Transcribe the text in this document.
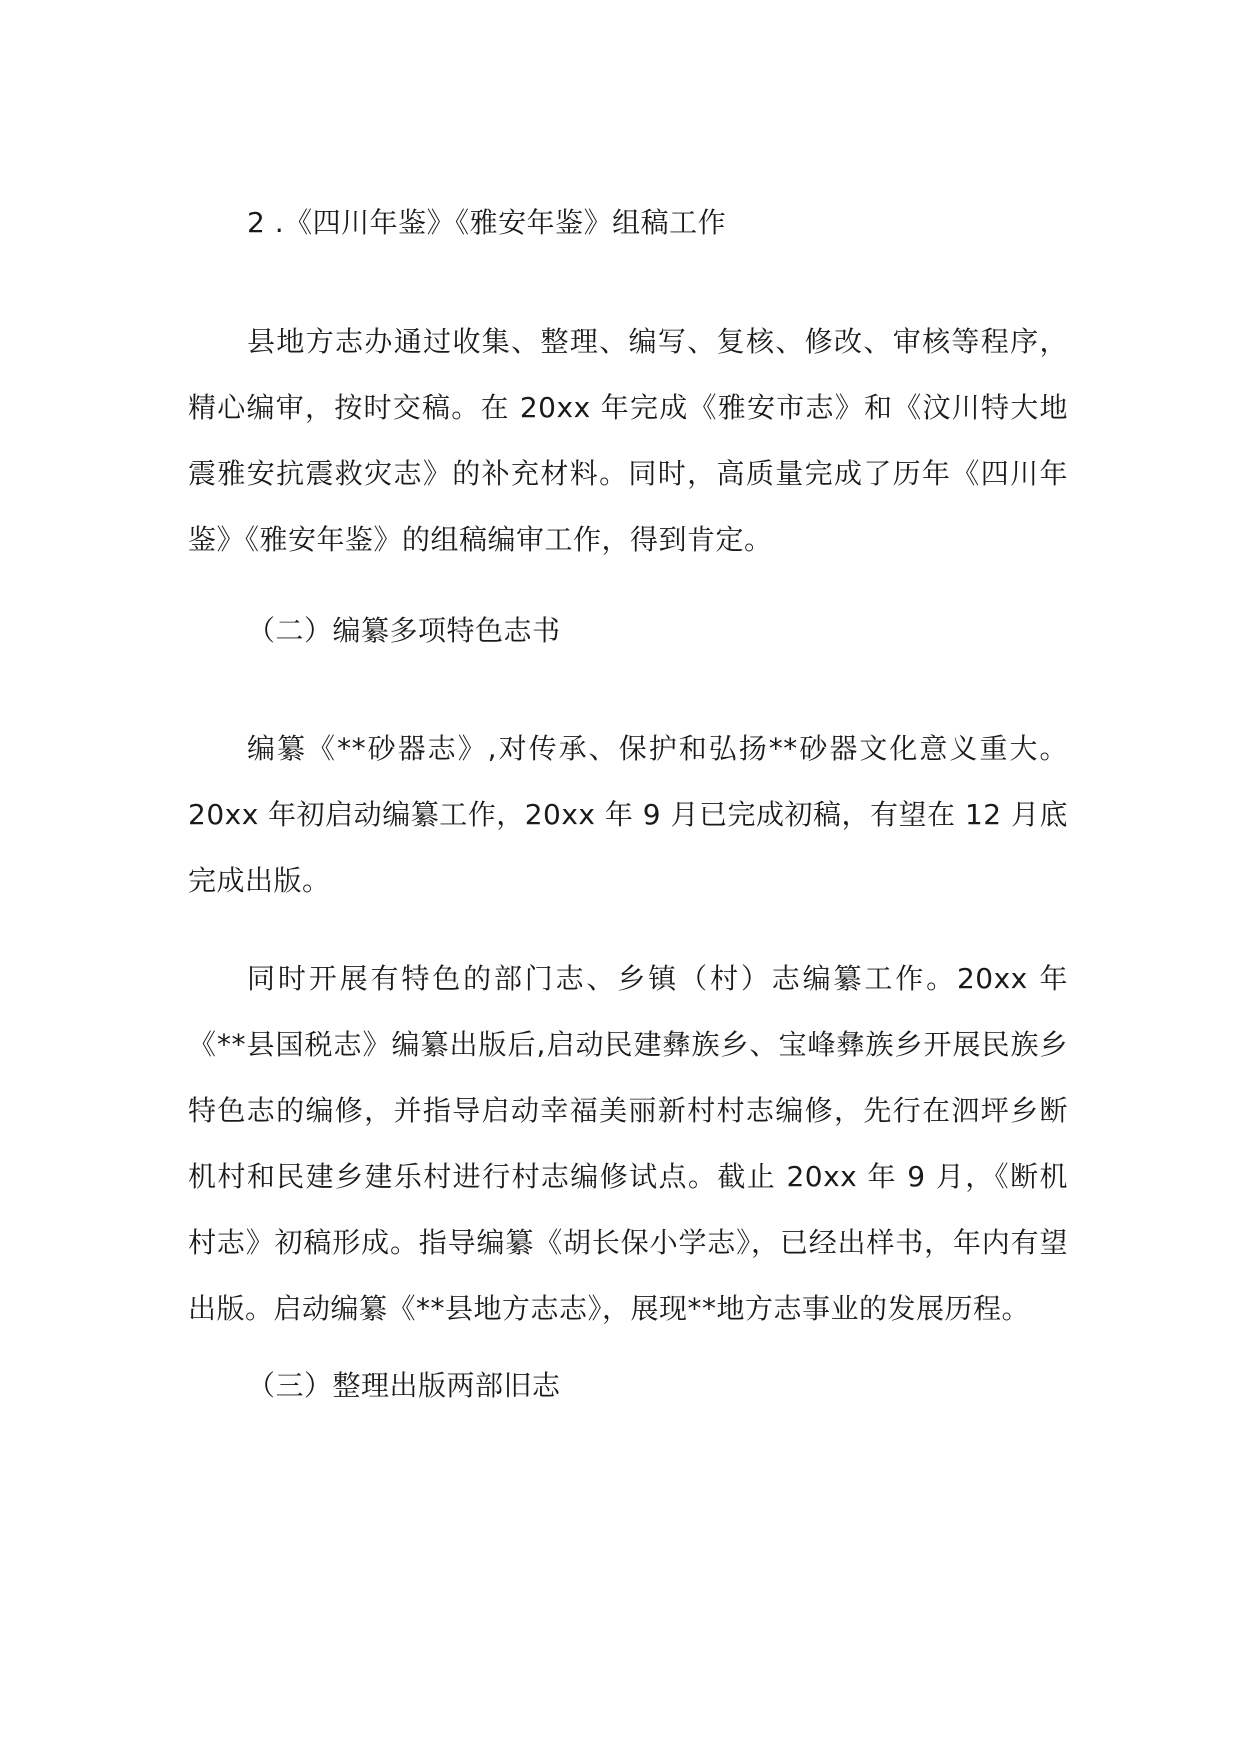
2 .《四川年鉴》《雅安年鉴》组稿工作
县地方志办通过收集、整理、编写、复核、修改、审核等程序，精心编审，按时交稿。在 20xx 年完成《雅安市志》和《汶川特大地震雅安抗震救灾志》的补充材料。同时，高质量完成了历年《四川年鉴》《雅安年鉴》的组稿编审工作，得到肯定。
（二）编纂多项特色志书
编纂《**砂器志》,对传承、保护和弘扬**砂器文化意义重大。20xx 年初启动编纂工作，20xx 年 9 月已完成初稿，有望在 12 月底完成出版。
同时开展有特色的部门志、乡镇（村）志编纂工作。20xx 年《**县国税志》编纂出版后,启动民建彝族乡、宝峰彝族乡开展民族乡特色志的编修，并指导启动幸福美丽新村村志编修，先行在泗坪乡断机村和民建乡建乐村进行村志编修试点。截止 20xx 年 9 月，《断机村志》初稿形成。指导编纂《胡长保小学志》，已经出样书，年内有望出版。启动编纂《**县地方志志》，展现**地方志事业的发展历程。
（三）整理出版两部旧志
